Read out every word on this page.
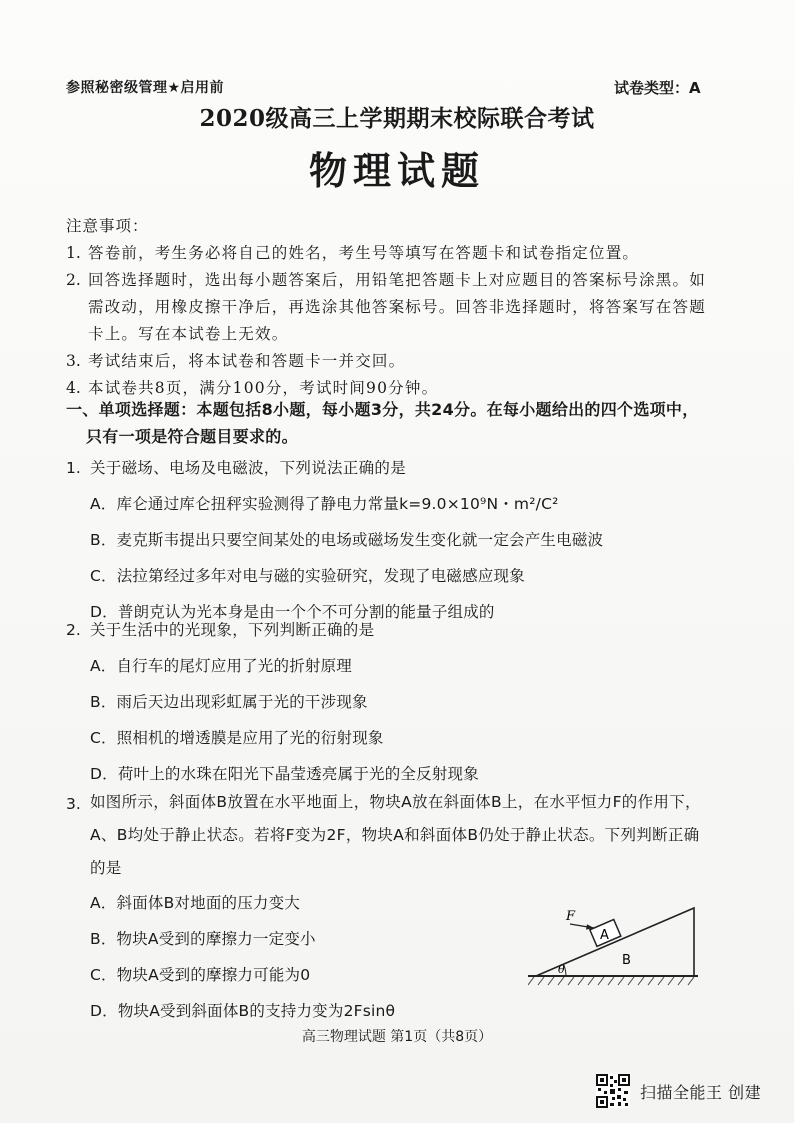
参照秘密级管理★启用前	试卷类型：A
2020级高三上学期期末校际联合考试
物理试题
注意事项：
1. 答卷前，考生务必将自己的姓名，考生号等填写在答题卡和试卷指定位置。
2. 回答选择题时，选出每小题答案后，用铅笔把答题卡上对应题目的答案标号涂黑。如需改动，用橡皮擦干净后，再选涂其他答案标号。回答非选择题时，将答案写在答题卡上。写在本试卷上无效。
3. 考试结束后，将本试卷和答题卡一并交回。
4. 本试卷共8页，满分100分，考试时间90分钟。
一、单项选择题：本题包括8小题，每小题3分，共24分。在每小题给出的四个选项中，
只有一项是符合题目要求的。
1. 关于磁场、电场及电磁波，下列说法正确的是
A．库仑通过库仑扭秤实验测得了静电力常量k=9.0×10⁹N・m²/C²
B．麦克斯韦提出只要空间某处的电场或磁场发生变化就一定会产生电磁波
C．法拉第经过多年对电与磁的实验研究，发现了电磁感应现象
D．普朗克认为光本身是由一个个不可分割的能量子组成的
2. 关于生活中的光现象，下列判断正确的是
A．自行车的尾灯应用了光的折射原理
B．雨后天边出现彩虹属于光的干涉现象
C．照相机的增透膜是应用了光的衍射现象
D．荷叶上的水珠在阳光下晶莹透亮属于光的全反射现象
3. 如图所示，斜面体B放置在水平地面上，物块A放在斜面体B上，在水平恒力F的作用下，A、B均处于静止状态。若将F变为2F，物块A和斜面体B仍处于静止状态。下列判断正确的是
A．斜面体B对地面的压力变大
B．物块A受到的摩擦力一定变小
C．物块A受到的摩擦力可能为0
D．物块A受到斜面体B的支持力变为2Fsinθ
F
A
B
θ
高三物理试题 第1页（共8页）
扫描全能王 创建
